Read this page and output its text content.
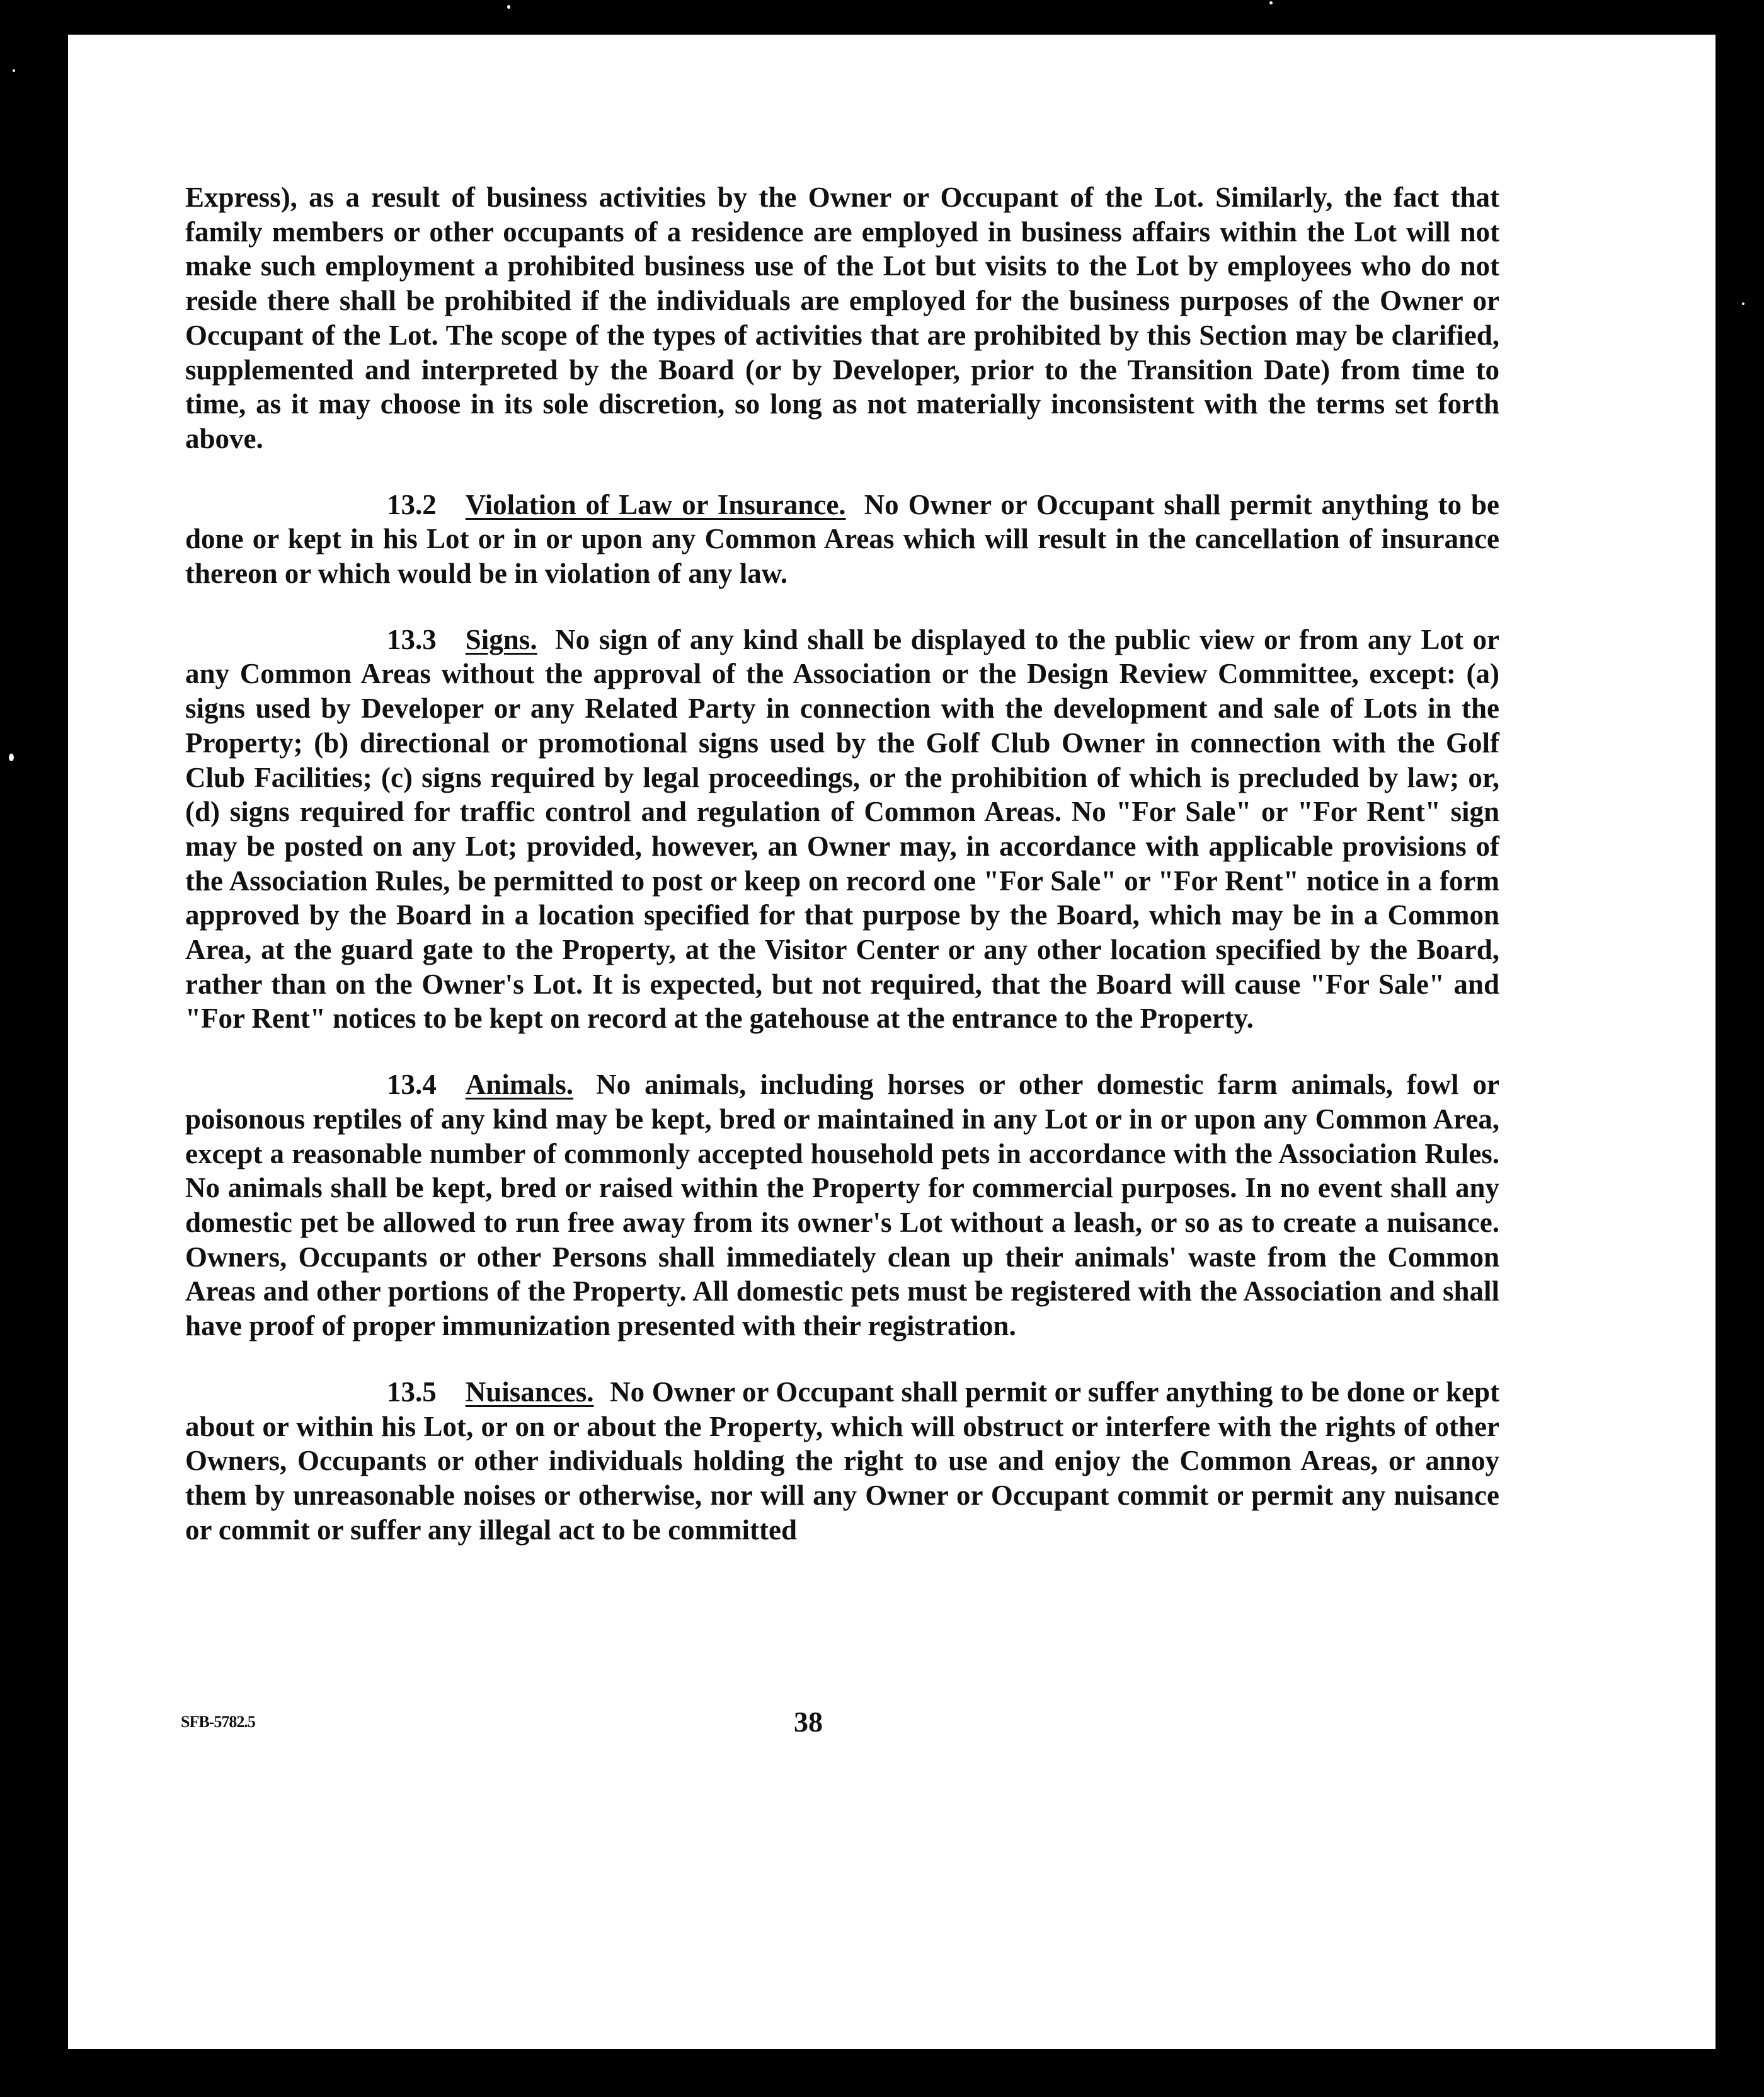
Express), as a result of business activities by the Owner or Occupant of the Lot. Similarly, the fact that family members or other occupants of a residence are employed in business affairs within the Lot will not make such employment a prohibited business use of the Lot but visits to the Lot by employees who do not reside there shall be prohibited if the individuals are employed for the business purposes of the Owner or Occupant of the Lot. The scope of the types of activities that are prohibited by this Section may be clarified, supplemented and interpreted by the Board (or by Developer, prior to the Transition Date) from time to time, as it may choose in its sole discretion, so long as not materially inconsistent with the terms set forth above.

13.2 Violation of Law or Insurance. No Owner or Occupant shall permit anything to be done or kept in his Lot or in or upon any Common Areas which will result in the cancellation of insurance thereon or which would be in violation of any law.

13.3 Signs. No sign of any kind shall be displayed to the public view or from any Lot or any Common Areas without the approval of the Association or the Design Review Committee, except: (a) signs used by Developer or any Related Party in connection with the development and sale of Lots in the Property; (b) directional or promotional signs used by the Golf Club Owner in connection with the Golf Club Facilities; (c) signs required by legal proceedings, or the prohibition of which is precluded by law; or, (d) signs required for traffic control and regulation of Common Areas. No "For Sale" or "For Rent" sign may be posted on any Lot; provided, however, an Owner may, in accordance with applicable provisions of the Association Rules, be permitted to post or keep on record one "For Sale" or "For Rent" notice in a form approved by the Board in a location specified for that purpose by the Board, which may be in a Common Area, at the guard gate to the Property, at the Visitor Center or any other location specified by the Board, rather than on the Owner's Lot. It is expected, but not required, that the Board will cause "For Sale" and "For Rent" notices to be kept on record at the gatehouse at the entrance to the Property.

13.4 Animals. No animals, including horses or other domestic farm animals, fowl or poisonous reptiles of any kind may be kept, bred or maintained in any Lot or in or upon any Common Area, except a reasonable number of commonly accepted household pets in accordance with the Association Rules. No animals shall be kept, bred or raised within the Property for commercial purposes. In no event shall any domestic pet be allowed to run free away from its owner's Lot without a leash, or so as to create a nuisance. Owners, Occupants or other Persons shall immediately clean up their animals' waste from the Common Areas and other portions of the Property. All domestic pets must be registered with the Association and shall have proof of proper immunization presented with their registration.

13.5 Nuisances. No Owner or Occupant shall permit or suffer anything to be done or kept about or within his Lot, or on or about the Property, which will obstruct or interfere with the rights of other Owners, Occupants or other individuals holding the right to use and enjoy the Common Areas, or annoy them by unreasonable noises or otherwise, nor will any Owner or Occupant commit or permit any nuisance or commit or suffer any illegal act to be committed

SFB-5782.5	38
